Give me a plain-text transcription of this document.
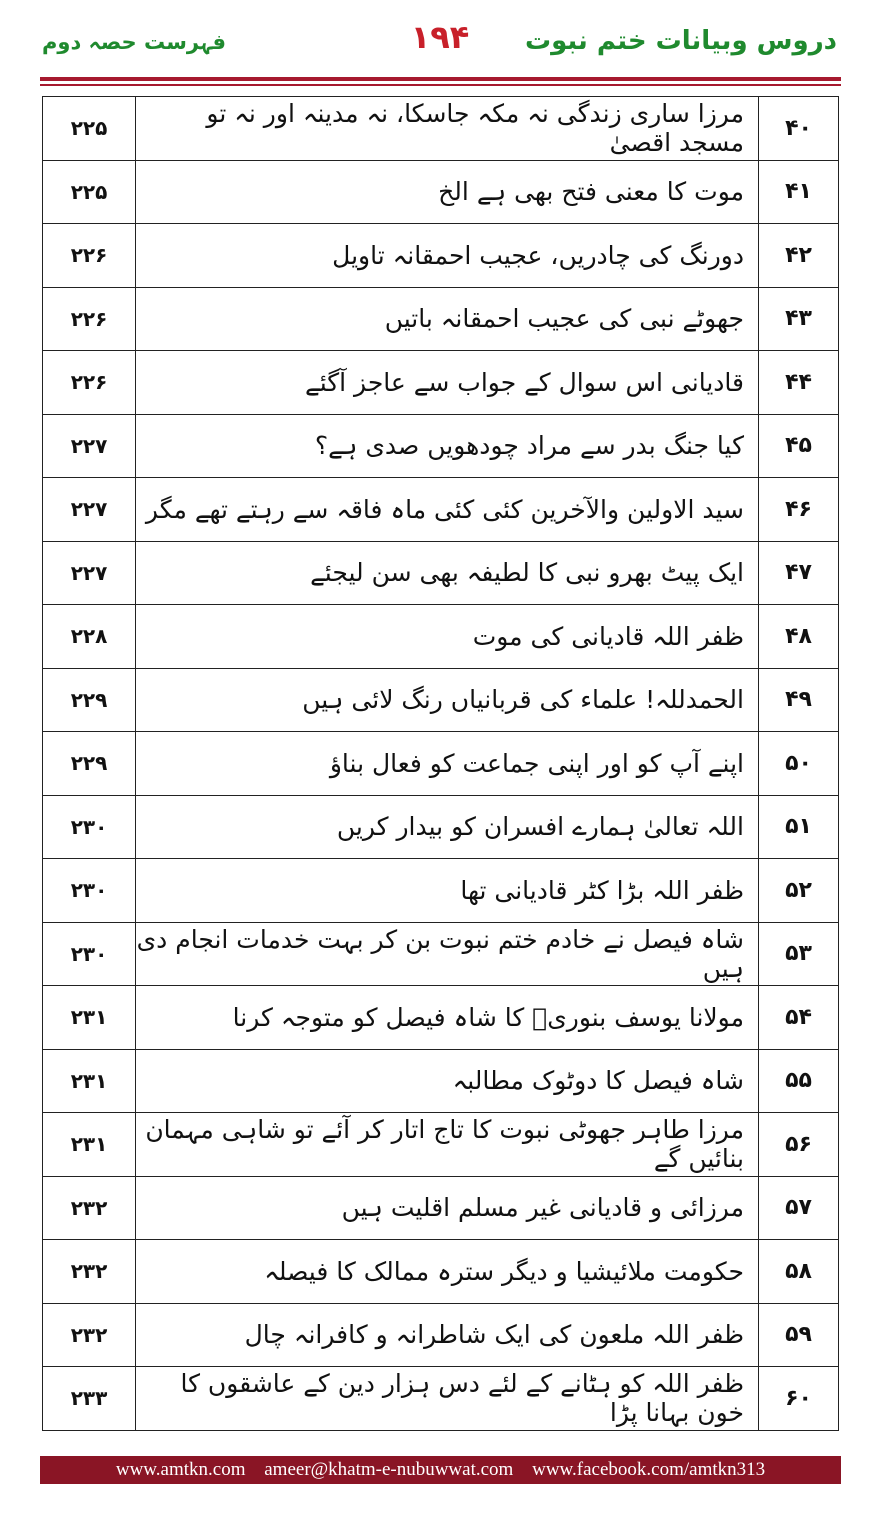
فہرست حصہ دوم	۱۹۴	دروس وبیانات ختم نبوت
۲۲۵	مرزا ساری زندگی نہ مکہ جاسکا، نہ مدینہ اور نہ تو مسجد اقصیٰ	۴۰
۲۲۵	موت کا معنی فتح بھی ہے الخ	۴۱
۲۲۶	دورنگ کی چادریں، عجیب احمقانہ تاویل	۴۲
۲۲۶	جھوٹے نبی کی عجیب احمقانہ باتیں	۴۳
۲۲۶	قادیانی اس سوال کے جواب سے عاجز آگئے	۴۴
۲۲۷	کیا جنگ بدر سے مراد چودھویں صدی ہے؟	۴۵
۲۲۷	سید الاولین والآخرین کئی کئی ماہ فاقہ سے رہتے تھے مگر	۴۶
۲۲۷	ایک پیٹ بھرو نبی کا لطیفہ بھی سن لیجئے	۴۷
۲۲۸	ظفر اللہ قادیانی کی موت	۴۸
۲۲۹	الحمدللہ! علماء کی قربانیاں رنگ لائی ہیں	۴۹
۲۲۹	اپنے آپ کو اور اپنی جماعت کو فعال بناؤ	۵۰
۲۳۰	اللہ تعالیٰ ہمارے افسران کو بیدار کریں	۵۱
۲۳۰	ظفر اللہ بڑا کٹر قادیانی تھا	۵۲
۲۳۰	شاہ فیصل نے خادم ختم نبوت بن کر بہت خدمات انجام دی ہیں	۵۳
۲۳۱	مولانا یوسف بنوریؒ کا شاہ فیصل کو متوجہ کرنا	۵۴
۲۳۱	شاہ فیصل کا دوٹوک مطالبہ	۵۵
۲۳۱	مرزا طاہر جھوٹی نبوت کا تاج اتار کر آئے تو شاہی مہمان بنائیں گے	۵۶
۲۳۲	مرزائی و قادیانی غیر مسلم اقلیت ہیں	۵۷
۲۳۲	حکومت ملائیشیا و دیگر سترہ ممالک کا فیصلہ	۵۸
۲۳۲	ظفر اللہ ملعون کی ایک شاطرانہ و کافرانہ چال	۵۹
۲۳۳	ظفر اللہ کو ہٹانے کے لئے دس ہزار دین کے عاشقوں کا خون بہانا پڑا	۶۰
www.amtkn.com ameer@khatm-e-nubuwwat.com www.facebook.com/amtkn313
